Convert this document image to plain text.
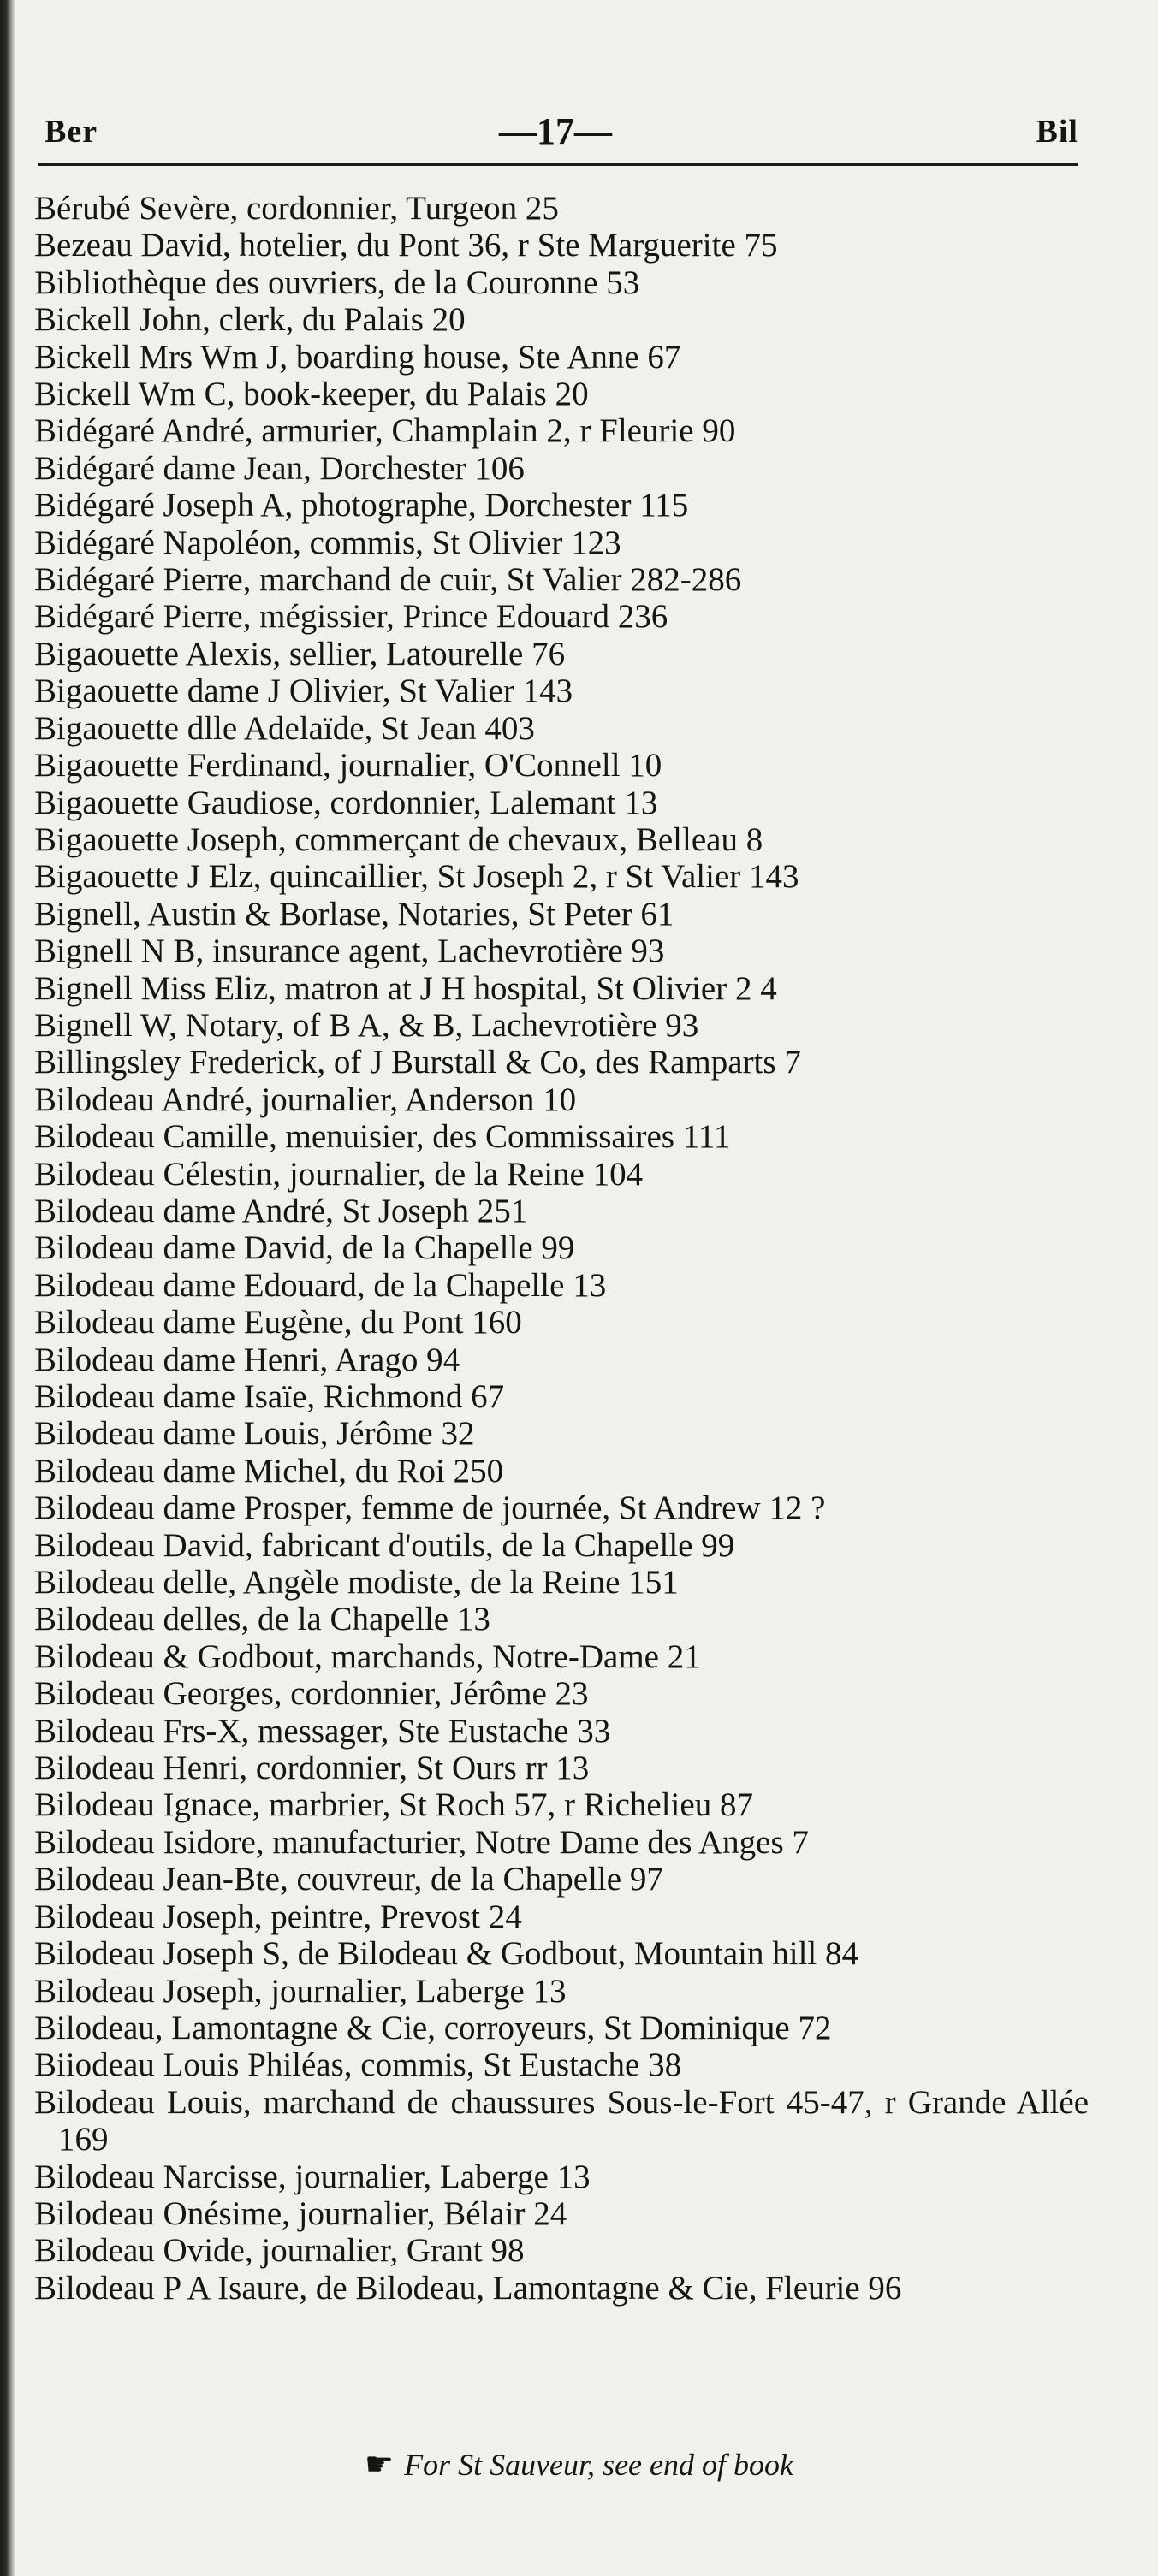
Ber	—17—	Bil
Bérubé Sevère, cordonnier, Turgeon 25
Bezeau David, hotelier, du Pont 36, r Ste Marguerite 75
Bibliothèque des ouvriers, de la Couronne 53
Bickell John, clerk, du Palais 20
Bickell Mrs Wm J, boarding house, Ste Anne 67
Bickell Wm C, book-keeper, du Palais 20
Bidégaré André, armurier, Champlain 2, r Fleurie 90
Bidégaré dame Jean, Dorchester 106
Bidégaré Joseph A, photographe, Dorchester 115
Bidégaré Napoléon, commis, St Olivier 123
Bidégaré Pierre, marchand de cuir, St Valier 282-286
Bidégaré Pierre, mégissier, Prince Edouard 236
Bigaouette Alexis, sellier, Latourelle 76
Bigaouette dame J Olivier, St Valier 143
Bigaouette dlle Adelaïde, St Jean 403
Bigaouette Ferdinand, journalier, O'Connell 10
Bigaouette Gaudiose, cordonnier, Lalemant 13
Bigaouette Joseph, commerçant de chevaux, Belleau 8
Bigaouette J Elz, quincaillier, St Joseph 2, r St Valier 143
Bignell, Austin & Borlase, Notaries, St Peter 61
Bignell N B, insurance agent, Lachevrotière 93
Bignell Miss Eliz, matron at J H hospital, St Olivier 2 4
Bignell W, Notary, of B A, & B, Lachevrotière 93
Billingsley Frederick, of J Burstall & Co, des Ramparts 7
Bilodeau André, journalier, Anderson 10
Bilodeau Camille, menuisier, des Commissaires 111
Bilodeau Célestin, journalier, de la Reine 104
Bilodeau dame André, St Joseph 251
Bilodeau dame David, de la Chapelle 99
Bilodeau dame Edouard, de la Chapelle 13
Bilodeau dame Eugène, du Pont 160
Bilodeau dame Henri, Arago 94
Bilodeau dame Isaïe, Richmond 67
Bilodeau dame Louis, Jérôme 32
Bilodeau dame Michel, du Roi 250
Bilodeau dame Prosper, femme de journée, St Andrew 12 ?
Bilodeau David, fabricant d'outils, de la Chapelle 99
Bilodeau delle, Angèle modiste, de la Reine 151
Bilodeau delles, de la Chapelle 13
Bilodeau & Godbout, marchands, Notre-Dame 21
Bilodeau Georges, cordonnier, Jérôme 23
Bilodeau Frs-X, messager, Ste Eustache 33
Bilodeau Henri, cordonnier, St Ours rr 13
Bilodeau Ignace, marbrier, St Roch 57, r Richelieu 87
Bilodeau Isidore, manufacturier, Notre Dame des Anges 7
Bilodeau Jean-Bte, couvreur, de la Chapelle 97
Bilodeau Joseph, peintre, Prevost 24
Bilodeau Joseph S, de Bilodeau & Godbout, Mountain hill 84
Bilodeau Joseph, journalier, Laberge 13
Bilodeau, Lamontagne & Cie, corroyeurs, St Dominique 72
Biiodeau Louis Philéas, commis, St Eustache 38
Bilodeau Louis, marchand de chaussures Sous-le-Fort 45-47, r Grande Allée 169
Bilodeau Narcisse, journalier, Laberge 13
Bilodeau Onésime, journalier, Bélair 24
Bilodeau Ovide, journalier, Grant 98
Bilodeau P A Isaure, de Bilodeau, Lamontagne & Cie, Fleurie 96
☛ For St Sauveur, see end of book
